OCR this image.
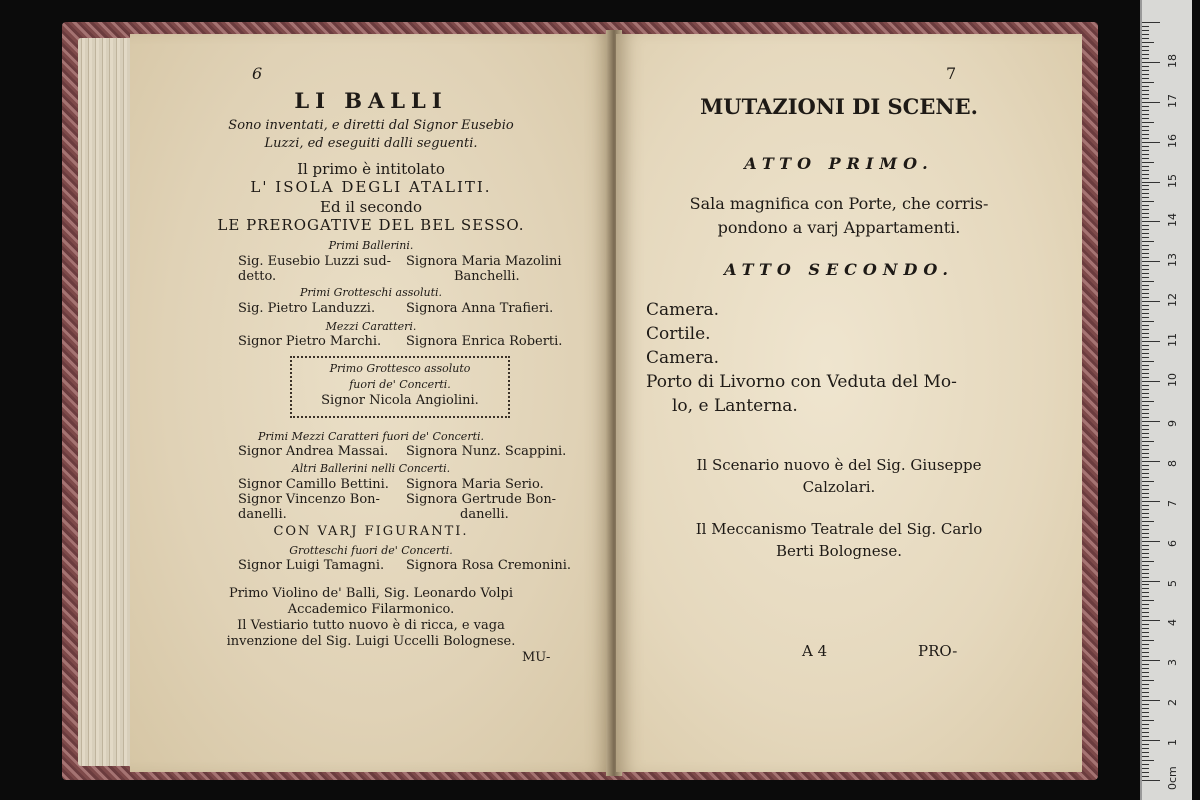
6
LI BALLI
Sono inventati, e diretti dal Signor Eusebio
Luzzi, ed eseguiti dalli seguenti.
Il primo è intitolato
L' ISOLA DEGLI ATALITI.
Ed il secondo
LE PREROGATIVE DEL BEL SESSO.
Primi Ballerini.
Sig. Eusebio Luzzi sud- Signora Maria Mazolini
detto.	Banchelli.
Primi Grotteschi assoluti.
Sig. Pietro Landuzzi. Signora Anna Trafieri.
Mezzi Caratteri.
Signor Pietro Marchi. Signora Enrica Roberti.
Primo Grottesco assoluto
fuori de' Concerti.
Signor Nicola Angiolini.
Primi Mezzi Caratteri fuori de' Concerti.
Signor Andrea Massai. Signora Nunz. Scappini.
Altri Ballerini nelli Concerti.
Signor Camillo Bettini. Signora Maria Serio.
Signor Vincenzo Bon- Signora Gertrude Bon-
danelli.	danelli.
CON VARJ FIGURANTI.
Grotteschi fuori de' Concerti.
Signor Luigi Tamagni. Signora Rosa Cremonini.
Primo Violino de' Balli, Sig. Leonardo Volpi
Accademico Filarmonico.
Il Vestiario tutto nuovo è di ricca, e vaga
invenzione del Sig. Luigi Uccelli Bolognese.
MU-
7
MUTAZIONI DI SCENE.
ATTO PRIMO.
Sala magnifica con Porte, che corris-
pondono a varj Appartamenti.
ATTO SECONDO.
Camera.
Cortile.
Camera.
Porto di Livorno con Veduta del Mo-
lo, e Lanterna.
Il Scenario nuovo è del Sig. Giuseppe
Calzolari.
Il Meccanismo Teatrale del Sig. Carlo
Berti Bolognese.
A 4	PRO-
0cm
1
2
3
4
5
6
7
8
9
10
11
12
13
14
15
16
17
18
